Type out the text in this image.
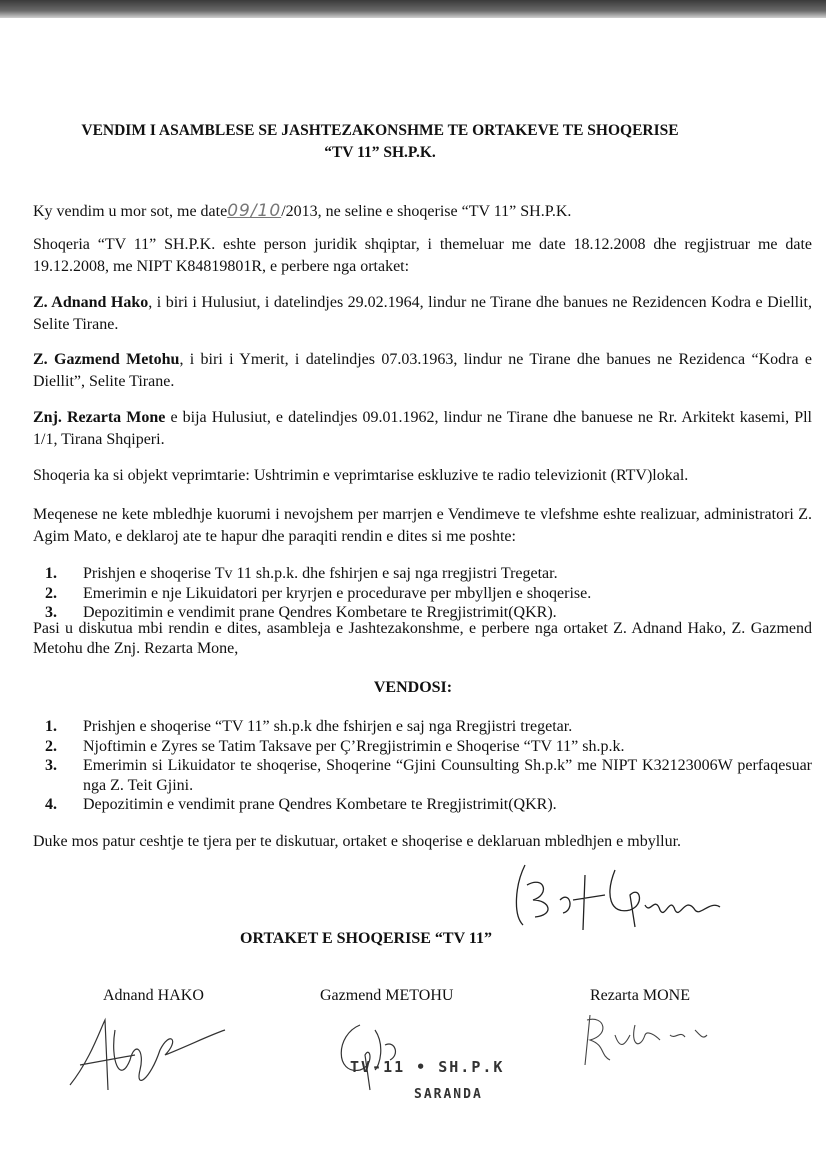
VENDIM I ASAMBLESE SE JASHTEZAKONSHME TE ORTAKEVE TE SHOQERISE
“TV 11” SH.P.K.
Ky vendim u mor sot, me date09/10/2013, ne seline e shoqerise “TV 11” SH.P.K.
Shoqeria “TV 11” SH.P.K. eshte person juridik shqiptar, i themeluar me date 18.12.2008 dhe regjistruar me date 19.12.2008, me NIPT K84819801R, e perbere nga ortaket:
Z. Adnand Hako, i biri i Hulusiut, i datelindjes 29.02.1964, lindur ne Tirane dhe banues ne Rezidencen Kodra e Diellit, Selite Tirane.
Z. Gazmend Metohu, i biri i Ymerit, i datelindjes 07.03.1963, lindur ne Tirane dhe banues ne Rezidenca “Kodra e Diellit”, Selite Tirane.
Znj. Rezarta Mone e bija Hulusiut, e datelindjes 09.01.1962, lindur ne Tirane dhe banuese ne Rr. Arkitekt kasemi, Pll 1/1, Tirana Shqiperi.
Shoqeria ka si objekt veprimtarie: Ushtrimin e veprimtarise eskluzive te radio televizionit (RTV)lokal.
Meqenese ne kete mbledhje kuorumi i nevojshem per marrjen e Vendimeve te vlefshme eshte realizuar, administratori Z. Agim Mato, e deklaroj ate te hapur dhe paraqiti rendin e dites si me poshte:
1.	Prishjen e shoqerise Tv 11 sh.p.k. dhe fshirjen e saj nga rregjistri Tregetar.
2.	Emerimin e nje Likuidatori per kryrjen e procedurave per mbylljen e shoqerise.
3.	Depozitimin e vendimit prane Qendres Kombetare te Rregjistrimit(QKR).
Pasi u diskutua mbi rendin e dites, asambleja e Jashtezakonshme, e perbere nga ortaket Z. Adnand Hako, Z. Gazmend Metohu dhe Znj. Rezarta Mone,
VENDOSI:
1.	Prishjen e shoqerise “TV 11” sh.p.k dhe fshirjen e saj nga Rregjistri tregetar.
2.	Njoftimin e Zyres se Tatim Taksave per Ç’Rregjistrimin e Shoqerise “TV 11” sh.p.k.
3.	Emerimin si Likuidator te shoqerise, Shoqerine “Gjini Counsulting Sh.p.k” me NIPT K32123006W perfaqesuar nga Z. Teit Gjini.
4.	Depozitimin e vendimit prane Qendres Kombetare te Rregjistrimit(QKR).
Duke mos patur ceshtje te tjera per te diskutuar, ortaket e shoqerise e deklaruan mbledhjen e mbyllur.
ORTAKET E SHOQERISE “TV 11”
Adnand HAKO	Gazmend METOHU	Rezarta MONE
TV-11 • SH.P.K
SARANDA
